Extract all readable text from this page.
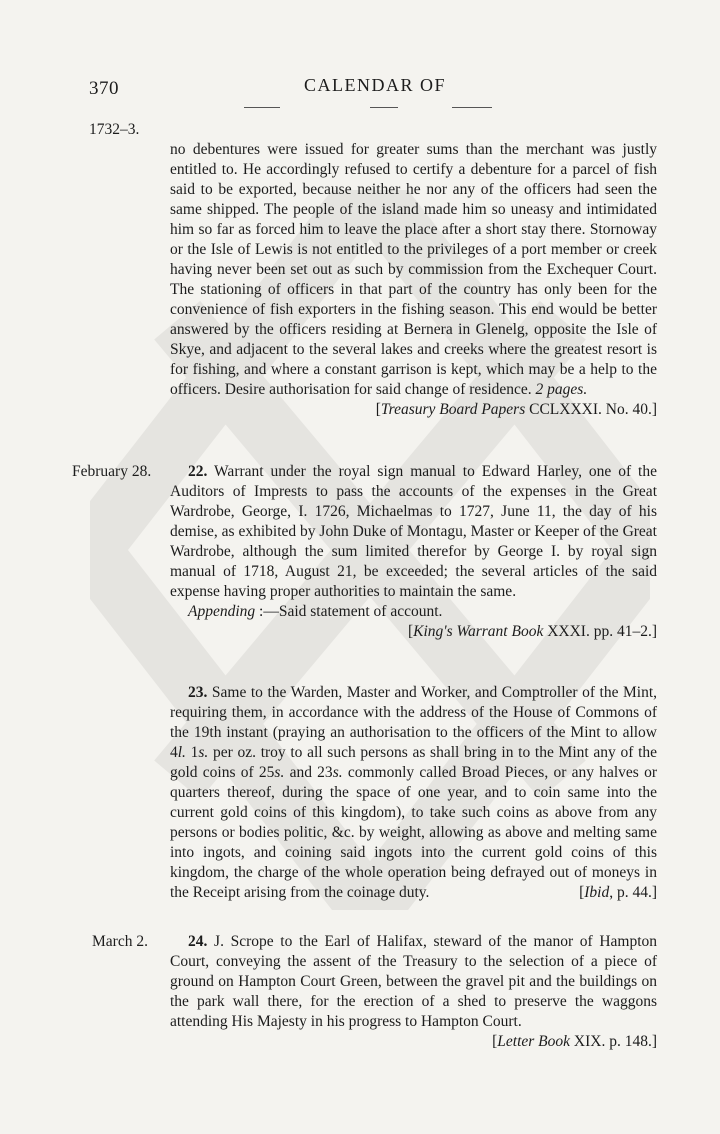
370	CALENDAR OF
1732–3.

no debentures were issued for greater sums than the merchant was justly entitled to. He accordingly refused to certify a debenture for a parcel of fish said to be exported, because neither he nor any of the officers had seen the same shipped. The people of the island made him so uneasy and intimidated him so far as forced him to leave the place after a short stay there. Stornoway or the Isle of Lewis is not entitled to the privileges of a port member or creek having never been set out as such by commission from the Exchequer Court. The stationing of officers in that part of the country has only been for the convenience of fish exporters in the fishing season. This end would be better answered by the officers residing at Bernera in Glenelg, opposite the Isle of Skye, and adjacent to the several lakes and creeks where the greatest resort is for fishing, and where a constant garrison is kept, which may be a help to the officers. Desire authorisation for said change of residence. 2 pages.

[Treasury Board Papers CCLXXXI. No. 40.]
February 28.	22. Warrant under the royal sign manual to Edward Harley, one of the Auditors of Imprests to pass the accounts of the expenses in the Great Wardrobe, George, I. 1726, Michaelmas to 1727, June 11, the day of his demise, as exhibited by John Duke of Montagu, Master or Keeper of the Great Wardrobe, although the sum limited therefor by George I. by royal sign manual of 1718, August 21, be exceeded; the several articles of the said expense having proper authorities to maintain the same.

Appending :—Said statement of account.
[King's Warrant Book XXXI. pp. 41–2.]

23. Same to the Warden, Master and Worker, and Comptroller of the Mint, requiring them, in accordance with the address of the House of Commons of the 19th instant (praying an authorisation to the officers of the Mint to allow 4l. 1s. per oz. troy to all such persons as shall bring in to the Mint any of the gold coins of 25s. and 23s. commonly called Broad Pieces, or any halves or quarters thereof, during the space of one year, and to coin same into the current gold coins of this kingdom), to take such coins as above from any persons or bodies politic, &c. by weight, allowing as above and melting same into ingots, and coining said ingots into the current gold coins of this kingdom, the charge of the whole operation being defrayed out of moneys in the Receipt arising from the coinage duty.	[Ibid, p. 44.]

March 2.	24. J. Scrope to the Earl of Halifax, steward of the manor of Hampton Court, conveying the assent of the Treasury to the selection of a piece of ground on Hampton Court Green, between the gravel pit and the buildings on the park wall there, for the erection of a shed to preserve the waggons attending His Majesty in his progress to Hampton Court.
[Letter Book XIX. p. 148.]
